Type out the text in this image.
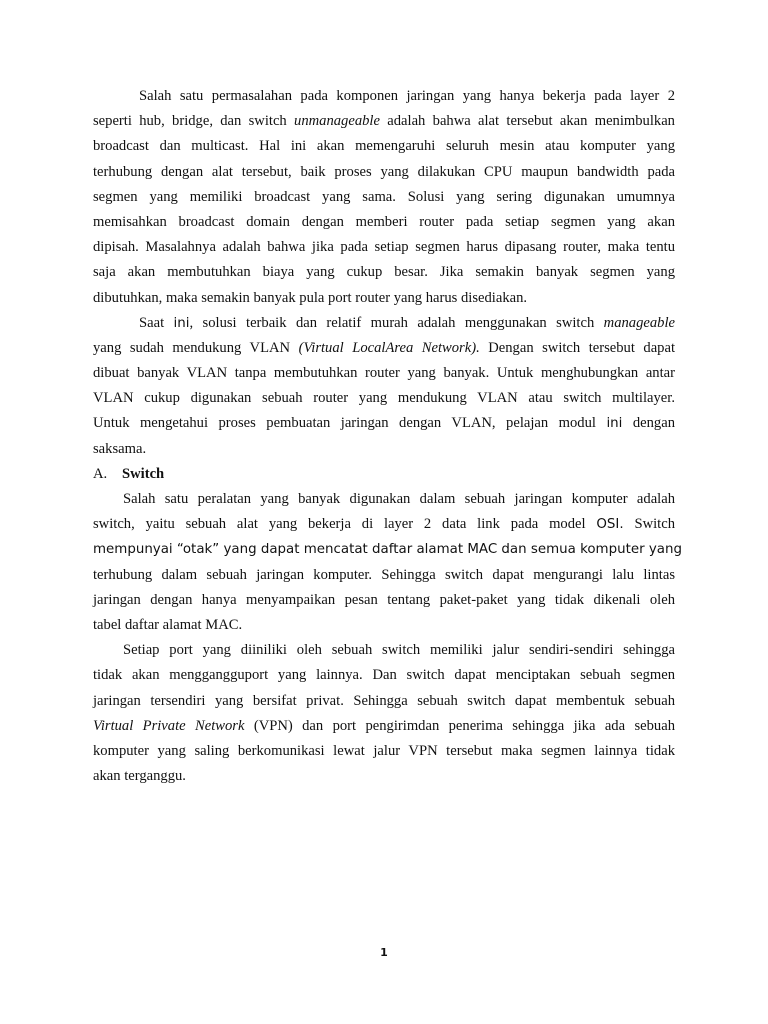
Salah satu permasalahan pada komponen jaringan yang hanya bekerja pada layer 2
seperti hub, bridge, dan switch unmanageable adalah bahwa alat tersebut akan menimbulkan
broadcast dan multicast. Hal ini akan memengaruhi seluruh mesin atau komputer yang
terhubung dengan alat tersebut, baik proses yang dilakukan CPU maupun bandwidth pada
segmen yang memiliki broadcast yang sama. Solusi yang sering digunakan umumnya
memisahkan broadcast domain dengan memberi router pada setiap segmen yang akan
dipisah. Masalahnya adalah bahwa jika pada setiap segmen harus dipasang router, maka tentu
saja akan membutuhkan biaya yang cukup besar. Jika semakin banyak segmen yang
dibutuhkan, maka semakin banyak pula port router yang harus disediakan.
Saat ini, solusi terbaik dan relatif murah adalah menggunakan switch manageable
yang sudah mendukung VLAN (Virtual LocalArea Network). Dengan switch tersebut dapat
dibuat banyak VLAN tanpa membutuhkan router yang banyak. Untuk menghubungkan antar
VLAN cukup digunakan sebuah router yang mendukung VLAN atau switch multilayer.
Untuk mengetahui proses pembuatan jaringan dengan VLAN, pelajan modul ini dengan
saksama.
A. Switch
Salah satu peralatan yang banyak digunakan dalam sebuah jaringan komputer adalah
switch, yaitu sebuah alat yang bekerja di layer 2 data link pada model OSI. Switch
mempunyai “otak” yang dapat mencatat daftar alamat MAC dan semua komputer yang
terhubung dalam sebuah jaringan komputer. Sehingga switch dapat mengurangi lalu lintas
jaringan dengan hanya menyampaikan pesan tentang paket-paket yang tidak dikenali oleh
tabel daftar alamat MAC.
Setiap port yang diiniliki oleh sebuah switch memiliki jalur sendiri-sendiri sehingga
tidak akan menggangguport yang lainnya. Dan switch dapat menciptakan sebuah segmen
jaringan tersendiri yang bersifat privat. Sehingga sebuah switch dapat membentuk sebuah
Virtual Private Network (VPN) dan port pengirimdan penerima sehingga jika ada sebuah
komputer yang saling berkomunikasi lewat jalur VPN tersebut maka segmen lainnya tidak
akan terganggu.
1
